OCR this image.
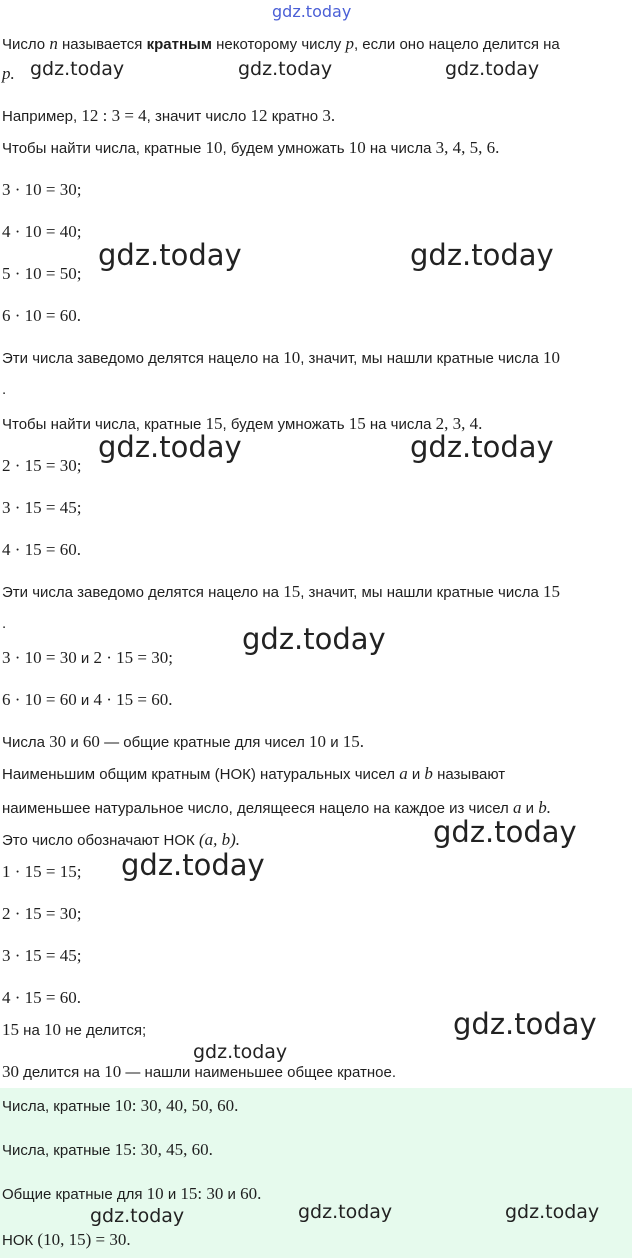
gdz.today
gdz.today	gdz.today	gdz.today
gdz.today	gdz.today
gdz.today	gdz.today
gdz.today
gdz.today
gdz.today
gdz.today
gdz.today
gdz.today	gdz.today	gdz.today
Число n называется кратным некоторому числу p, если оно нацело делится на
p.
Например, 12 : 3 = 4, значит число 12 кратно 3.
Чтобы найти числа, кратные 10, будем умножать 10 на числа 3, 4, 5, 6.
3 · 10 = 30;
4 · 10 = 40;
5 · 10 = 50;
6 · 10 = 60.
Эти числа заведомо делятся нацело на 10, значит, мы нашли кратные числа 10
.
Чтобы найти числа, кратные 15, будем умножать 15 на числа 2, 3, 4.
2 · 15 = 30;
3 · 15 = 45;
4 · 15 = 60.
Эти числа заведомо делятся нацело на 15, значит, мы нашли кратные числа 15
.
3 · 10 = 30 и 2 · 15 = 30;
6 · 10 = 60 и 4 · 15 = 60.
Числа 30 и 60 — общие кратные для чисел 10 и 15.
Наименьшим общим кратным (НОК) натуральных чисел a и b называют
наименьшее натуральное число, делящееся нацело на каждое из чисел a и b.
Это число обозначают НОК (a, b).
1 · 15 = 15;
2 · 15 = 30;
3 · 15 = 45;
4 · 15 = 60.
15 на 10 не делится;
30 делится на 10 — нашли наименьшее общее кратное.
Числа, кратные 10: 30, 40, 50, 60.
Числа, кратные 15: 30, 45, 60.
Общие кратные для 10 и 15: 30 и 60.
НОК (10, 15) = 30.
